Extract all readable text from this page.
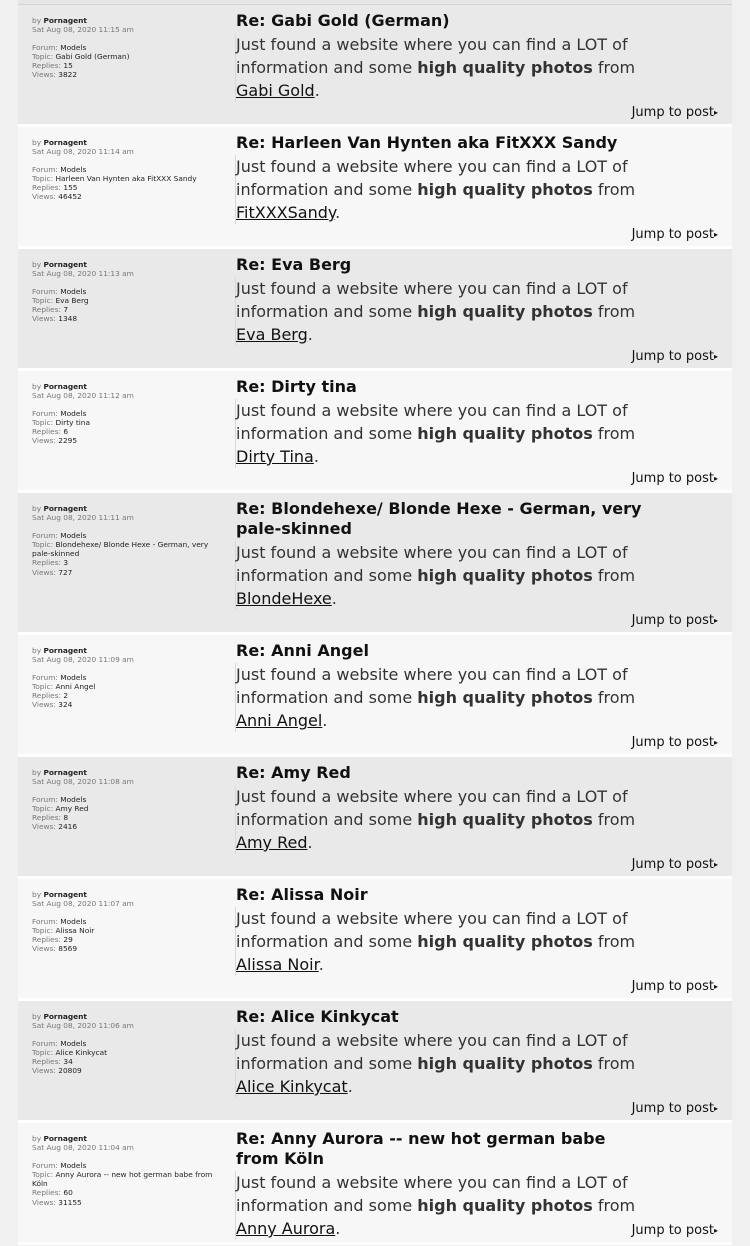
by Pornagent
Sat Aug 08, 2020 11:15 am
Forum: Models
Topic: Gabi Gold (German)
Replies: 15
Views: 3822
Re: Gabi Gold (German)
Just found a website where you can find a LOT of information and some high quality photos from Gabi Gold.
Jump to post▸
by Pornagent
Sat Aug 08, 2020 11:14 am
Forum: Models
Topic: Harleen Van Hynten aka FitXXX Sandy
Replies: 155
Views: 46452
Re: Harleen Van Hynten aka FitXXX Sandy
Just found a website where you can find a LOT of information and some high quality photos from FitXXXSandy.
Jump to post▸
by Pornagent
Sat Aug 08, 2020 11:13 am
Forum: Models
Topic: Eva Berg
Replies: 7
Views: 1348
Re: Eva Berg
Just found a website where you can find a LOT of information and some high quality photos from Eva Berg.
Jump to post▸
by Pornagent
Sat Aug 08, 2020 11:12 am
Forum: Models
Topic: Dirty tina
Replies: 6
Views: 2295
Re: Dirty tina
Just found a website where you can find a LOT of information and some high quality photos from Dirty Tina.
Jump to post▸
by Pornagent
Sat Aug 08, 2020 11:11 am
Forum: Models
Topic: Blondehexe/ Blonde Hexe - German, very pale-skinned
Replies: 3
Views: 727
Re: Blondehexe/ Blonde Hexe - German, very pale-skinned
Just found a website where you can find a LOT of information and some high quality photos from BlondeHexe.
Jump to post▸
by Pornagent
Sat Aug 08, 2020 11:09 am
Forum: Models
Topic: Anni Angel
Replies: 2
Views: 324
Re: Anni Angel
Just found a website where you can find a LOT of information and some high quality photos from Anni Angel.
Jump to post▸
by Pornagent
Sat Aug 08, 2020 11:08 am
Forum: Models
Topic: Amy Red
Replies: 8
Views: 2416
Re: Amy Red
Just found a website where you can find a LOT of information and some high quality photos from Amy Red.
Jump to post▸
by Pornagent
Sat Aug 08, 2020 11:07 am
Forum: Models
Topic: Alissa Noir
Replies: 29
Views: 8569
Re: Alissa Noir
Just found a website where you can find a LOT of information and some high quality photos from Alissa Noir.
Jump to post▸
by Pornagent
Sat Aug 08, 2020 11:06 am
Forum: Models
Topic: Alice Kinkycat
Replies: 34
Views: 20809
Re: Alice Kinkycat
Just found a website where you can find a LOT of information and some high quality photos from Alice Kinkycat.
Jump to post▸
by Pornagent
Sat Aug 08, 2020 11:04 am
Forum: Models
Topic: Anny Aurora -- new hot german babe from Köln
Replies: 60
Views: 31155
Re: Anny Aurora -- new hot german babe from Köln
Just found a website where you can find a LOT of information and some high quality photos from Anny Aurora.	Jump to post▸
